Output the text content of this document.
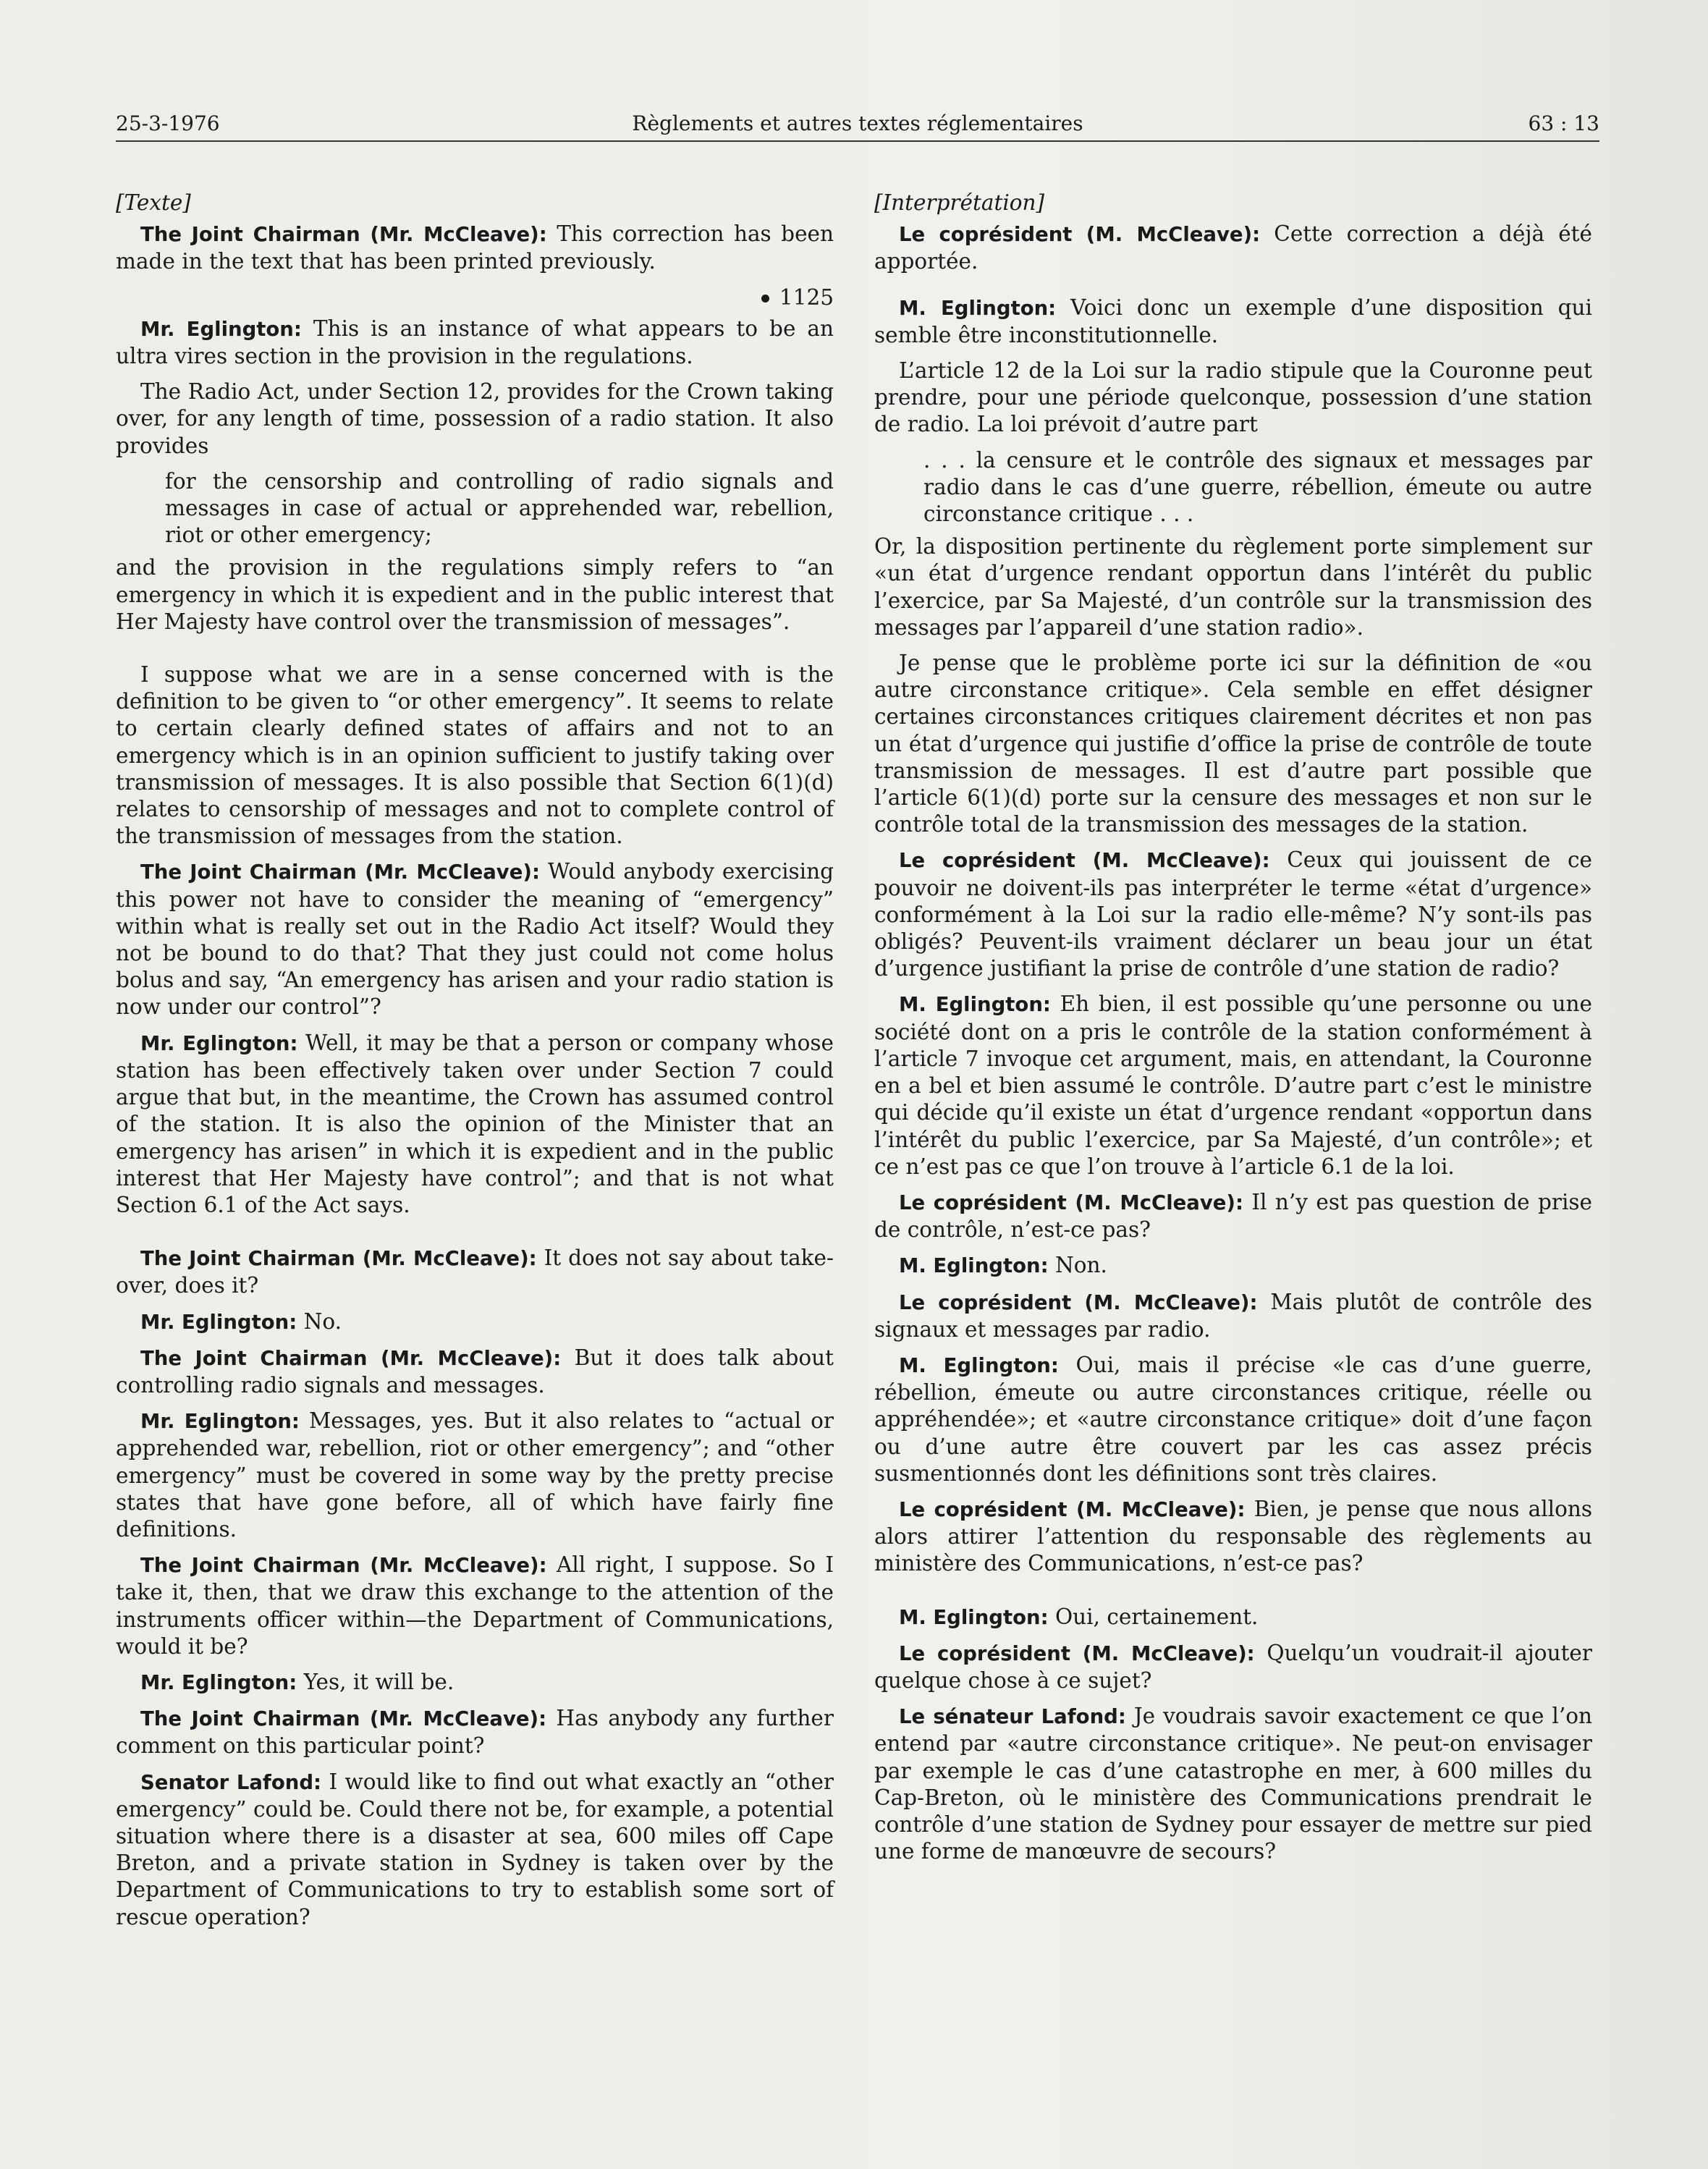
25-3-1976	Règlements et autres textes réglementaires	63 : 13

[Texte]

The Joint Chairman (Mr. McCleave): This correction has been made in the text that has been printed previously.

1125

Mr. Eglington: This is an instance of what appears to be an ultra vires section in the provision in the regulations.

The Radio Act, under Section 12, provides for the Crown taking over, for any length of time, possession of a radio station. It also provides

for the censorship and controlling of radio signals and messages in case of actual or apprehended war, rebellion, riot or other emergency;

and the provision in the regulations simply refers to “an emergency in which it is expedient and in the public interest that Her Majesty have control over the transmission of messages”.

I suppose what we are in a sense concerned with is the definition to be given to “or other emergency”. It seems to relate to certain clearly defined states of affairs and not to an emergency which is in an opinion sufficient to justify taking over transmission of messages. It is also possible that Section 6(1)(d) relates to censorship of messages and not to complete control of the transmission of messages from the station.

The Joint Chairman (Mr. McCleave): Would anybody exercising this power not have to consider the meaning of “emergency” within what is really set out in the Radio Act itself? Would they not be bound to do that? That they just could not come holus bolus and say, “An emergency has arisen and your radio station is now under our control”?

Mr. Eglington: Well, it may be that a person or company whose station has been effectively taken over under Section 7 could argue that but, in the meantime, the Crown has assumed control of the station. It is also the opinion of the Minister that an emergency has arisen” in which it is expedient and in the public interest that Her Majesty have control”; and that is not what Section 6.1 of the Act says.

The Joint Chairman (Mr. McCleave): It does not say about take-over, does it?

Mr. Eglington: No.

The Joint Chairman (Mr. McCleave): But it does talk about controlling radio signals and messages.

Mr. Eglington: Messages, yes. But it also relates to “actual or apprehended war, rebellion, riot or other emergency”; and “other emergency” must be covered in some way by the pretty precise states that have gone before, all of which have fairly fine definitions.

The Joint Chairman (Mr. McCleave): All right, I suppose. So I take it, then, that we draw this exchange to the attention of the instruments officer within—the Department of Communications, would it be?

Mr. Eglington: Yes, it will be.

The Joint Chairman (Mr. McCleave): Has anybody any further comment on this particular point?

Senator Lafond: I would like to find out what exactly an “other emergency” could be. Could there not be, for example, a potential situation where there is a disaster at sea, 600 miles off Cape Breton, and a private station in Sydney is taken over by the Department of Communications to try to establish some sort of rescue operation?

[Interprétation]

Le coprésident (M. McCleave): Cette correction a déjà été apportée.

M. Eglington: Voici donc un exemple d’une disposition qui semble être inconstitutionnelle.

L’article 12 de la Loi sur la radio stipule que la Couronne peut prendre, pour une période quelconque, possession d’une station de radio. La loi prévoit d’autre part

. . . la censure et le contrôle des signaux et messages par radio dans le cas d’une guerre, rébellion, émeute ou autre circonstance critique . . .

Or, la disposition pertinente du règlement porte simplement sur «un état d’urgence rendant opportun dans l’intérêt du public l’exercice, par Sa Majesté, d’un contrôle sur la transmission des messages par l’appareil d’une station radio».

Je pense que le problème porte ici sur la définition de «ou autre circonstance critique». Cela semble en effet désigner certaines circonstances critiques clairement décrites et non pas un état d’urgence qui justifie d’office la prise de contrôle de toute transmission de messages. Il est d’autre part possible que l’article 6(1)(d) porte sur la censure des messages et non sur le contrôle total de la transmission des messages de la station.

Le coprésident (M. McCleave): Ceux qui jouissent de ce pouvoir ne doivent-ils pas interpréter le terme «état d’urgence» conformément à la Loi sur la radio elle-même? N’y sont-ils pas obligés? Peuvent-ils vraiment déclarer un beau jour un état d’urgence justifiant la prise de contrôle d’une station de radio?

M. Eglington: Eh bien, il est possible qu’une personne ou une société dont on a pris le contrôle de la station conformément à l’article 7 invoque cet argument, mais, en attendant, la Couronne en a bel et bien assumé le contrôle. D’autre part c’est le ministre qui décide qu’il existe un état d’urgence rendant «opportun dans l’intérêt du public l’exercice, par Sa Majesté, d’un contrôle»; et ce n’est pas ce que l’on trouve à l’article 6.1 de la loi.

Le coprésident (M. McCleave): Il n’y est pas question de prise de contrôle, n’est-ce pas?

M. Eglington: Non.

Le coprésident (M. McCleave): Mais plutôt de contrôle des signaux et messages par radio.

M. Eglington: Oui, mais il précise «le cas d’une guerre, rébellion, émeute ou autre circonstances critique, réelle ou appréhendée»; et «autre circonstance critique» doit d’une façon ou d’une autre être couvert par les cas assez précis susmentionnés dont les définitions sont très claires.

Le coprésident (M. McCleave): Bien, je pense que nous allons alors attirer l’attention du responsable des règlements au ministère des Communications, n’est-ce pas?

M. Eglington: Oui, certainement.

Le coprésident (M. McCleave): Quelqu’un voudrait-il ajouter quelque chose à ce sujet?

Le sénateur Lafond: Je voudrais savoir exactement ce que l’on entend par «autre circonstance critique». Ne peut-on envisager par exemple le cas d’une catastrophe en mer, à 600 milles du Cap-Breton, où le ministère des Communications prendrait le contrôle d’une station de Sydney pour essayer de mettre sur pied une forme de manœuvre de secours?
